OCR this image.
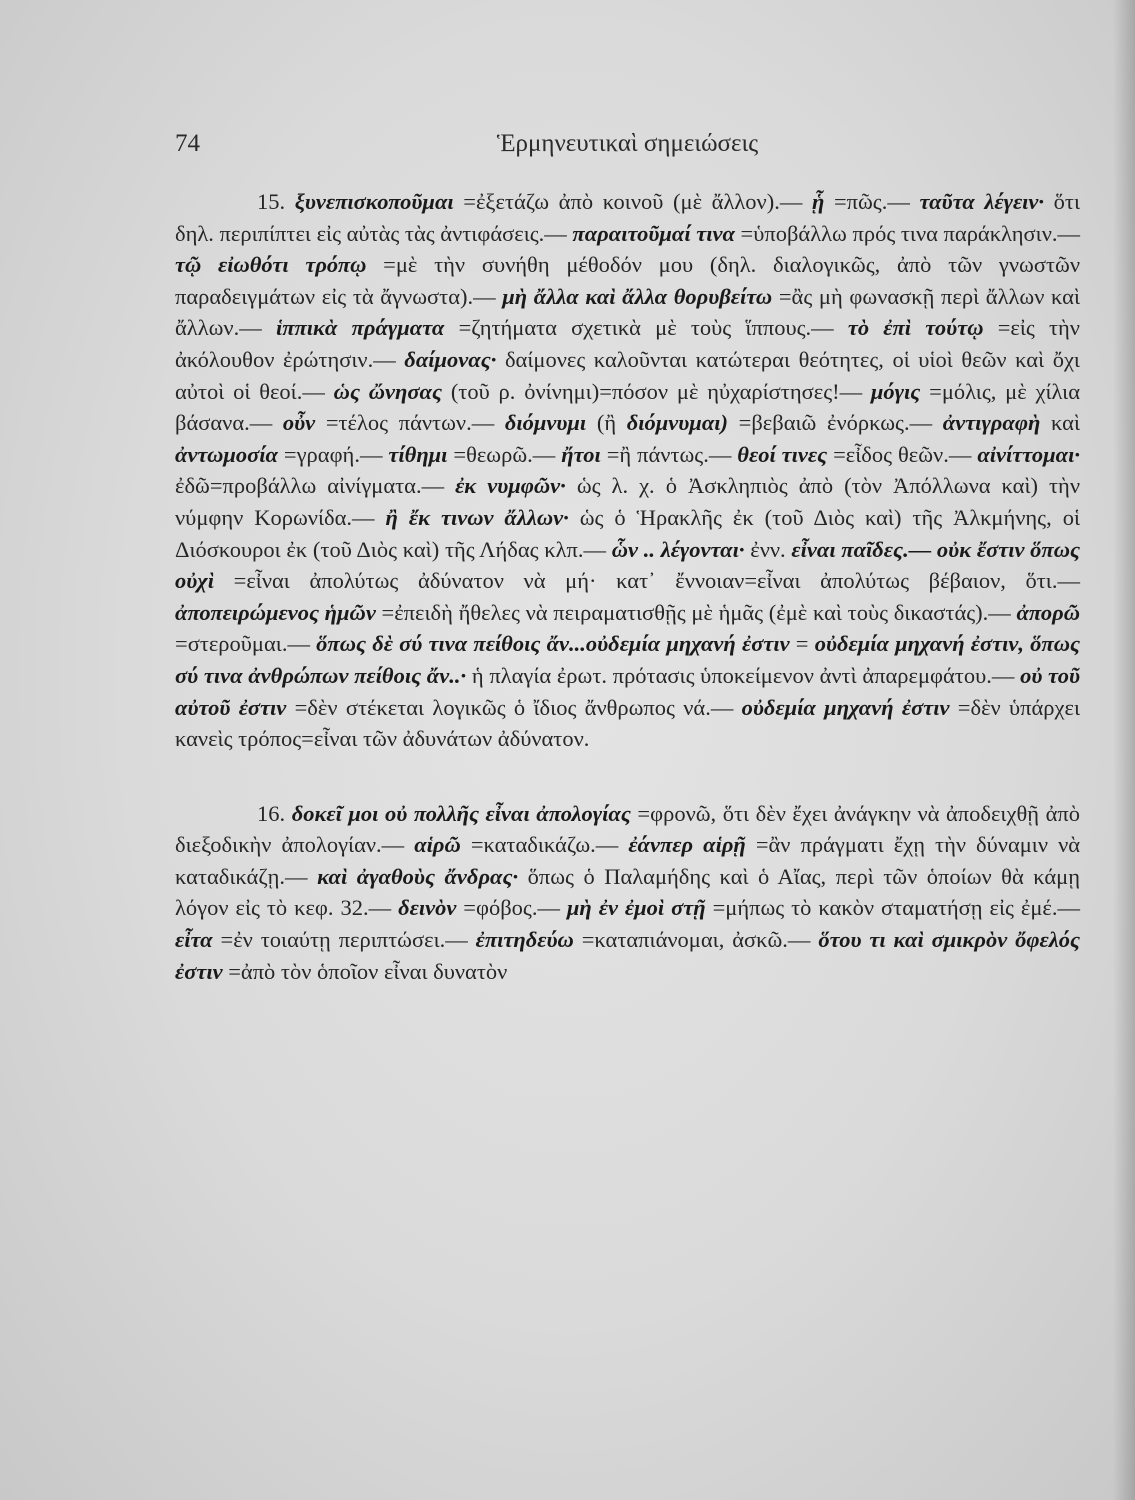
74	Ἑρμηνευτικαὶ σημειώσεις

15. ξυνεπισκοποῦμαι =ἐξετάζω ἀπὸ κοινοῦ (μὲ ἄλλον).— ᾗ =πῶς.— ταῦτα λέγειν· ὅτι δηλ. περιπίπτει εἰς αὐτὰς τὰς ἀντιφάσεις.— παραιτοῦμαί τινα =ὑποβάλλω πρός τινα παράκλησιν.— τῷ εἰωθότι τρόπῳ =μὲ τὴν συνήθη μέθοδόν μου (δηλ. διαλογικῶς, ἀπὸ τῶν γνωστῶν παραδειγμάτων εἰς τὰ ἄγνωστα).— μὴ ἄλλα καὶ ἄλλα θορυβείτω =ἂς μὴ φωνασκῇ περὶ ἄλλων καὶ ἄλλων.— ἱππικὰ πράγματα =ζητήματα σχετικὰ μὲ τοὺς ἵππους.— τὸ ἐπὶ τούτῳ =εἰς τὴν ἀκόλουθον ἐρώτησιν.— δαίμονας· δαίμονες καλοῦνται κατώτεραι θεότητες, οἱ υἱοὶ θεῶν καὶ ὄχι αὐτοὶ οἱ θεοί.— ὡς ὤνησας (τοῦ ρ. ὀνίνημι)=πόσον μὲ ηὐχαρίστησες!— μόγις =μόλις, μὲ χίλια βάσανα.— οὖν =τέλος πάντων.— διόμνυμι (ἢ διόμνυμαι) =βεβαιῶ ἐνόρκως.— ἀντιγραφὴ καὶ ἀντωμοσία =γραφή.— τίθημι =θεωρῶ.— ἤτοι =ἢ πάντως.— θεοί τινες =εἶδος θεῶν.— αἰνίττομαι· ἐδῶ=προβάλλω αἰνίγματα.— ἐκ νυμφῶν· ὡς λ. χ. ὁ Ἀσκληπιὸς ἀπὸ (τὸν Ἀπόλλωνα καὶ) τὴν νύμφην Κορωνίδα.— ἢ ἔκ τινων ἄλλων· ὡς ὁ Ἡρακλῆς ἐκ (τοῦ Διὸς καὶ) τῆς Ἀλκμήνης, οἱ Διόσκουροι ἐκ (τοῦ Διὸς καὶ) τῆς Λήδας κλπ.— ὧν .. λέγονται· ἐνν. εἶναι παῖδες.— οὐκ ἔστιν ὅπως οὐχὶ =εἶναι ἀπολύτως ἀδύνατον νὰ μή· κατ᾽ ἔννοιαν=εἶναι ἀπολύτως βέβαιον, ὅτι.— ἀποπειρώμενος ἡμῶν =ἐπειδὴ ἤθελες νὰ πειραματισθῇς μὲ ἡμᾶς (ἐμὲ καὶ τοὺς δικαστάς).— ἀπορῶ =στεροῦμαι.— ὅπως δὲ σύ τινα πείθοις ἄν...οὐδεμία μηχανή ἐστιν = οὐδεμία μηχανή ἐστιν, ὅπως σύ τινα ἀνθρώπων πείθοις ἄν..· ἡ πλαγία ἐρωτ. πρότασις ὑποκείμενον ἀντὶ ἀπαρεμφάτου.— οὐ τοῦ αὐτοῦ ἐστιν =δὲν στέκεται λογικῶς ὁ ἴδιος ἄνθρωπος νά.— οὐδεμία μηχανή ἐστιν =δὲν ὑπάρχει κανεὶς τρόπος=εἶναι τῶν ἀδυνάτων ἀδύνατον.

16. δοκεῖ μοι οὐ πολλῆς εἶναι ἀπολογίας =φρονῶ, ὅτι δὲν ἔχει ἀνάγκην νὰ ἀποδειχθῇ ἀπὸ διεξοδικὴν ἀπολογίαν.— αἱρῶ =καταδικάζω.— ἐάνπερ αἱρῇ =ἂν πράγματι ἔχῃ τὴν δύναμιν νὰ καταδικάζῃ.— καὶ ἀγαθοὺς ἄνδρας· ὅπως ὁ Παλαμήδης καὶ ὁ Αἴας, περὶ τῶν ὁποίων θὰ κάμῃ λόγον εἰς τὸ κεφ. 32.— δεινὸν =φόβος.— μὴ ἐν ἐμοὶ στῇ =μήπως τὸ κακὸν σταματήσῃ εἰς ἐμέ.— εἶτα =ἐν τοιαύτῃ περιπτώσει.— ἐπιτηδεύω =καταπιάνομαι, ἀσκῶ.— ὅτου τι καὶ σμικρὸν ὄφελός ἐστιν =ἀπὸ τὸν ὁποῖον εἶναι δυνατὸν
